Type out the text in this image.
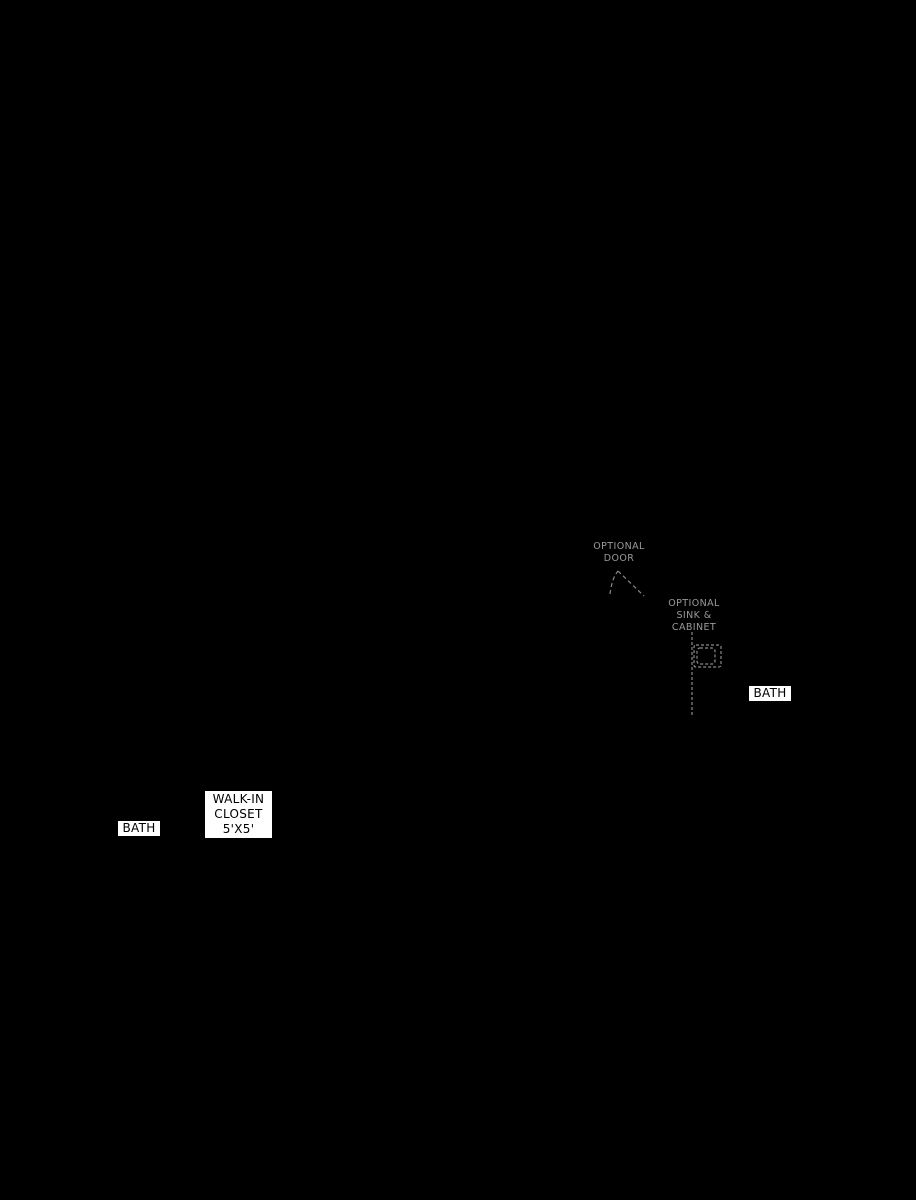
OPTIONAL
DOOR
OPTIONAL
SINK &
CABINET
BATH
BATH
WALK-IN
CLOSET
5'X5'
